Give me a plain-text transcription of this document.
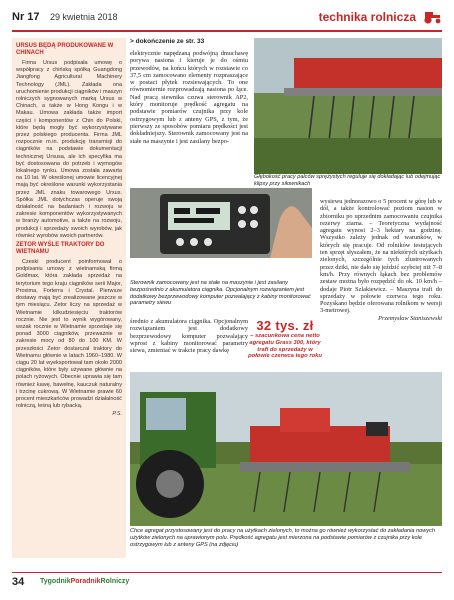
Nr 17 29 kwietnia 2018	technika rolnicza
URSUS BĘDĄ PRODUKOWANE W CHINACH

Firma Ursus podpisała umowę o współpracy z chińską spółką Guangdong Jiangfong Agricultural Machinery Technology (JML). Zakłada ona uruchomienie produkcji ciągników i maszyn rolniczych sygnowanych marką Ursus w Chinach, a także w Hong Kongu i w Makau. Umowa zakłada także import części i komponentów z Chin do Polski, które będą mogły być wykorzystywane przez polskiego producenta. Firma JML rozpocznie m.in. produkcję transmisji do ciągników na podstawie dokumentacji technicznej Ursusa, ale ich specyfika ma być dostosowana do potrzeb i wymogów lokalnego rynku. Umowa została zawarta na 10 lat. W określonej umowie licencyjnej mają być określone warunki wykorzystania przez JML znaku towarowego Ursus. Spółka JML dotychczas operuje swoją działalność na badaniach i rozwoju w zakresie komponentów wykorzystywanych w branży automotive, a także na rozwoju, produkcji i sprzedaży swoich wyrobów, jak również wyrobów swoich partnerów.

ZETOR WYŚLE TRAKTORY DO WIETNAMU

Czeski producent poinformował o podpisaniu umowy z wietnamską firmą Goldmax, która zakłada sprzedaż na terytorium tego kraju ciągników serii Major, Proxima, Forterra i Crystal. Pierwsze dostawy mają być zrealizowane jeszcze w tym miesiącu. Zetor liczy na sprzedaż w Wietnamie kilkudziesięciu traktorów rocznie. Nie jest to wynik wygórowany, wszak rocznie w Wietnamie sprzedaje się ponad 3000 ciągników, przeważnie w zakresie mocy od 80 do 100 KM. W przeszłości Zetor dostarczał traktory do Wietnamu głównie w latach 1960–1980. W ciągu 20 lat wyeksportował tam około 2000 ciągników, które były używane głównie na polach ryżowych. Obecnie uprawia się tam również kawę, bawełnę, kauczuk naturalny i trzcinę cukrową. W Wietnamie prawie 60 procent mieszkańców prowadzi działalność rolniczą, leśną lub rybacką.

P.S.
> dokończenie ze str. 33

elektrycznie napędzaną podwójną dmuchawę porywa nasiona i kieruje je do ośmiu przewodów, na końcu których w rozstawie co 37,5 cm zamocowano elementy rozpraszające w postaci płytek rozsiewających. To one równomiernie rozprowadzają nasiona po łące. Nad pracą siewnika czuwa sterownik AP2, który monitoruje prędkość agregatu na podstawie pomiarów czujnika przy kole ostrzygowym lub z anteny GPS, z tym, że pierwszy ze sposobów pomiaru prędkości jest dokładniejszy. Sterownik zamocowany jest na stałe na maszynie i jest zasilany bezpo-

Głębokość pracy palców sprężystych reguluje się dokładając lub odejmując klipsy przy siłownikach
Sterownik zamocowany jest na stałe na maszynie i jest zasilany bezpośrednio z akumulatora ciągnika. Opcjonalnym rozwiązaniem jest dodatkowy bezprzewodowy komputer pozwalający z kabiny monitorować parametry siewu

średnio z akumulatora ciągnika. Opcjonalnym rozwiązaniem jest dodatkowy bezprzewodowy komputer pozwalający wprost z kabiny monitorować parametry siewu, zmieniać w trakcie pracy dawkę

32 tys. zł
– szacunkowa cena netto agregatu Grass 300, który trafi do sprzedaży w połowie czerwca tego roku

wysiewu jednorazowo o 5 procent w górę lub w dół, a także kontrolować poziom nasion w zbiorniku po uprzednim zamocowaniu czujnika rezerwy ziarna. – Teoretyczna wydajność agregatu wynosi 2–3 hektary na godzinę. Wszystko zależy jednak od warunków, w których się pracuje. Od rolników testujących ten sprzęt słyszałem, że na niektórych użytkach zielonych, szczególnie tych zlustrowanych przez dziki, nie dało się jeździć szybciej niż 7–8 km/h. Przy równych łąkach bez problemów zestaw można było rozpędzić do ok. 10 km/h – dodaje Piotr Szlakiewicz. – Maszyna trafi do sprzedaży w połowie czerwca tego roku. Pozyskano będzie oferowana rolnikom w wersji 3-metrowej.

Przemysław Staniszewski

Chce agregat przystosowany jest do pracy na użytkach zielonych, to można go również wykorzystać do zakładania nowych użytków zielonych na uprawionym polu. Prędkość agregatu jest mierzona na podstawie pomiarów z czujnika przy kole ostrzygowym lub z anteny GPS (na zdjęciu)
34 TygodnikPoradnikRolniczy
